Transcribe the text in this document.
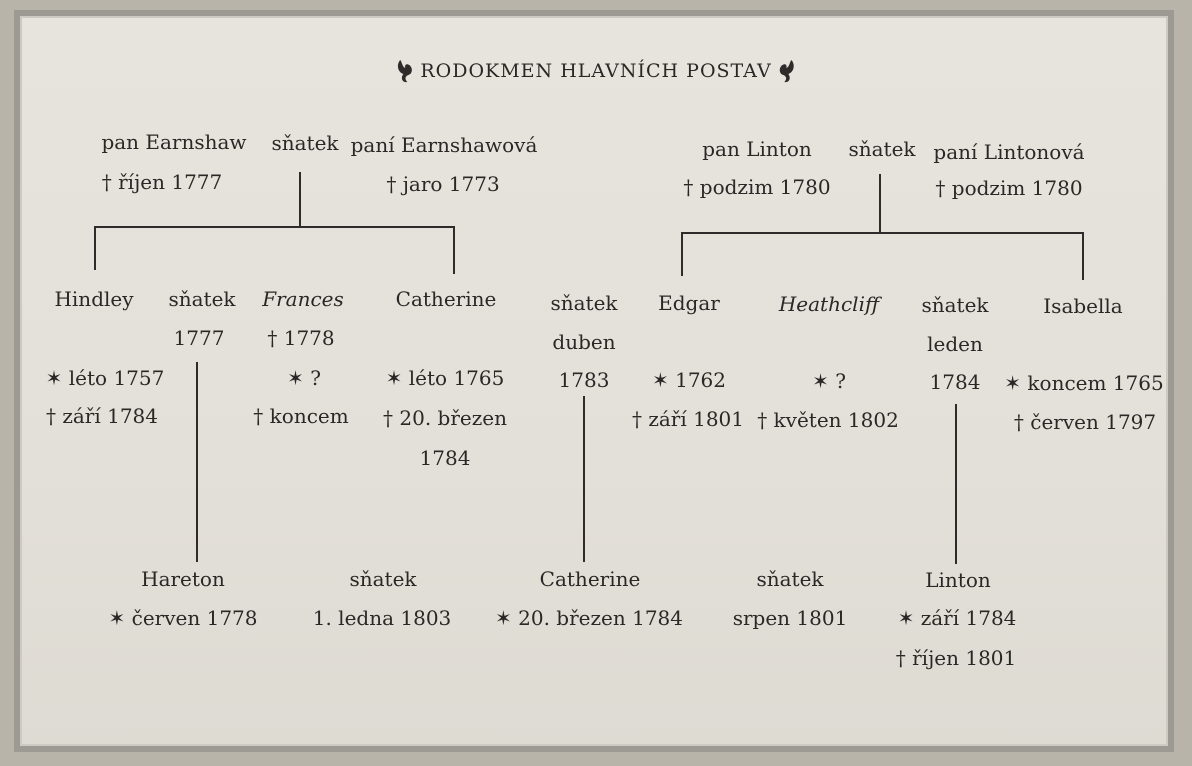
RODOKMEN HLAVNÍCH POSTAV
pan Earnshaw
† říjen 1777
sňatek paní Earnshawová
† jaro 1773
pan Linton
† podzim 1780
sňatek paní Lintonová
† podzim 1780
Hindley
✶ léto 1757
† září 1784
sňatek
1777
Frances
† 1778
✶ ?
† koncem
Catherine
✶ léto 1765
† 20. březen
1784
sňatek
duben
1783
Edgar
✶ 1762
† září 1801
Heathcliff
✶ ?
† květen 1802
sňatek
leden
1784
Isabella
✶ koncem 1765
† červen 1797
Hareton
✶ červen 1778
sňatek
1. ledna 1803
Catherine
✶ 20. březen 1784
sňatek
srpen 1801
Linton
✶ září 1784
† říjen 1801
